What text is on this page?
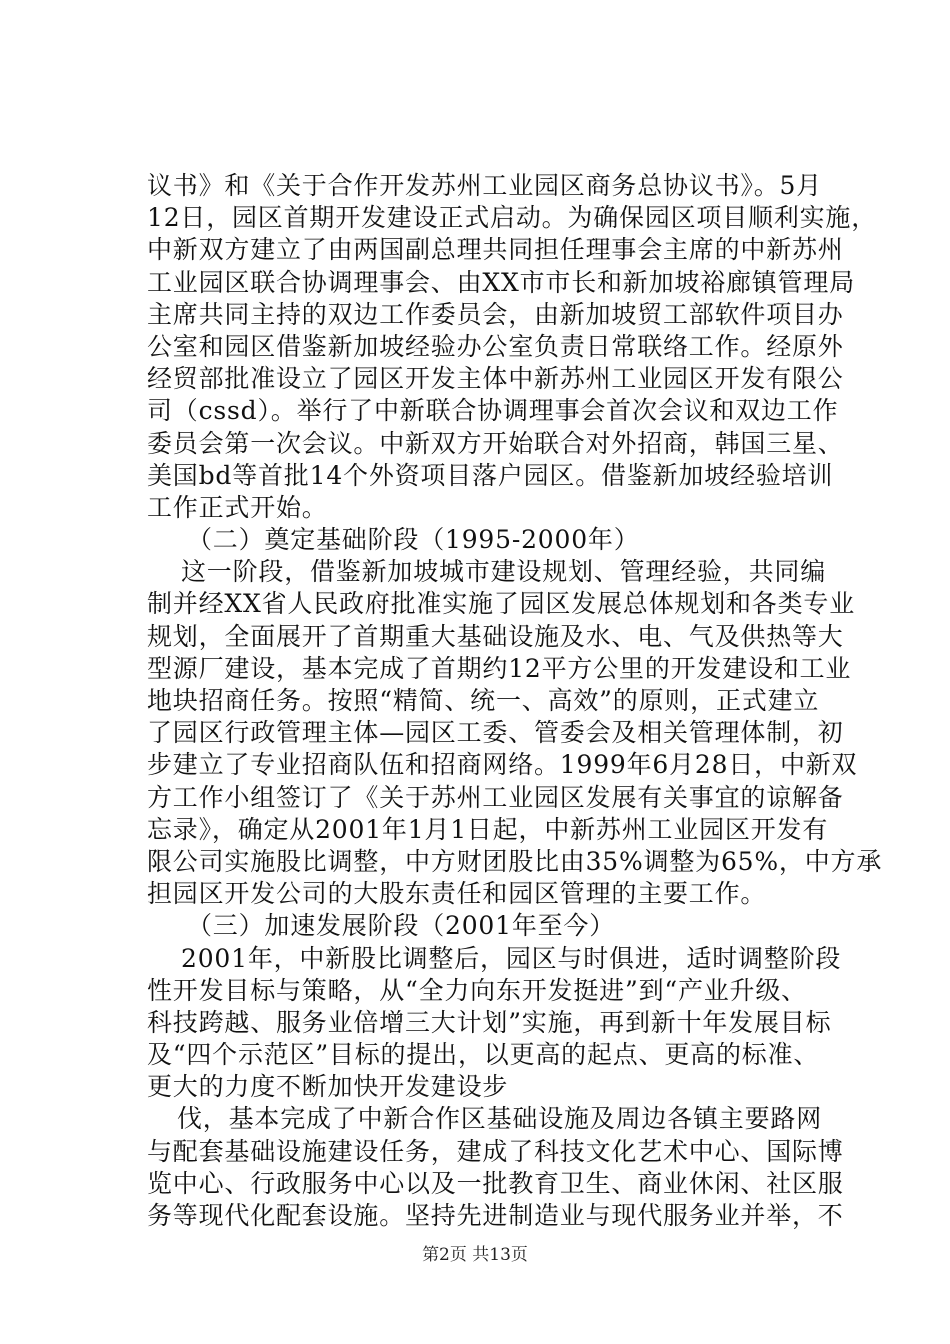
议书》和《关于合作开发苏州工业园区商务总协议书》。5月
12日，园区首期开发建设正式启动。为确保园区项目顺利实施，
中新双方建立了由两国副总理共同担任理事会主席的中新苏州
工业园区联合协调理事会、由XX市市长和新加坡裕廊镇管理局
主席共同主持的双边工作委员会，由新加坡贸工部软件项目办
公室和园区借鉴新加坡经验办公室负责日常联络工作。经原外
经贸部批准设立了园区开发主体中新苏州工业园区开发有限公
司（cssd）。举行了中新联合协调理事会首次会议和双边工作
委员会第一次会议。中新双方开始联合对外招商，韩国三星、
美国bd等首批14个外资项目落户园区。借鉴新加坡经验培训
工作正式开始。
（二）奠定基础阶段（1995-2000年）
这一阶段，借鉴新加坡城市建设规划、管理经验，共同编
制并经XX省人民政府批准实施了园区发展总体规划和各类专业
规划，全面展开了首期重大基础设施及水、电、气及供热等大
型源厂建设，基本完成了首期约12平方公里的开发建设和工业
地块招商任务。按照“精简、统一、高效”的原则，正式建立
了园区行政管理主体—园区工委、管委会及相关管理体制，初
步建立了专业招商队伍和招商网络。1999年6月28日，中新双
方工作小组签订了《关于苏州工业园区发展有关事宜的谅解备
忘录》，确定从2001年1月1日起，中新苏州工业园区开发有
限公司实施股比调整，中方财团股比由35%调整为65%，中方承
担园区开发公司的大股东责任和园区管理的主要工作。
（三）加速发展阶段（2001年至今）
2001年，中新股比调整后，园区与时俱进，适时调整阶段
性开发目标与策略，从“全力向东开发挺进”到“产业升级、
科技跨越、服务业倍增三大计划”实施，再到新十年发展目标
及“四个示范区”目标的提出，以更高的起点、更高的标准、
更大的力度不断加快开发建设步
伐，基本完成了中新合作区基础设施及周边各镇主要路网
与配套基础设施建设任务，建成了科技文化艺术中心、国际博
览中心、行政服务中心以及一批教育卫生、商业休闲、社区服
务等现代化配套设施。坚持先进制造业与现代服务业并举，不
第2页 共13页
